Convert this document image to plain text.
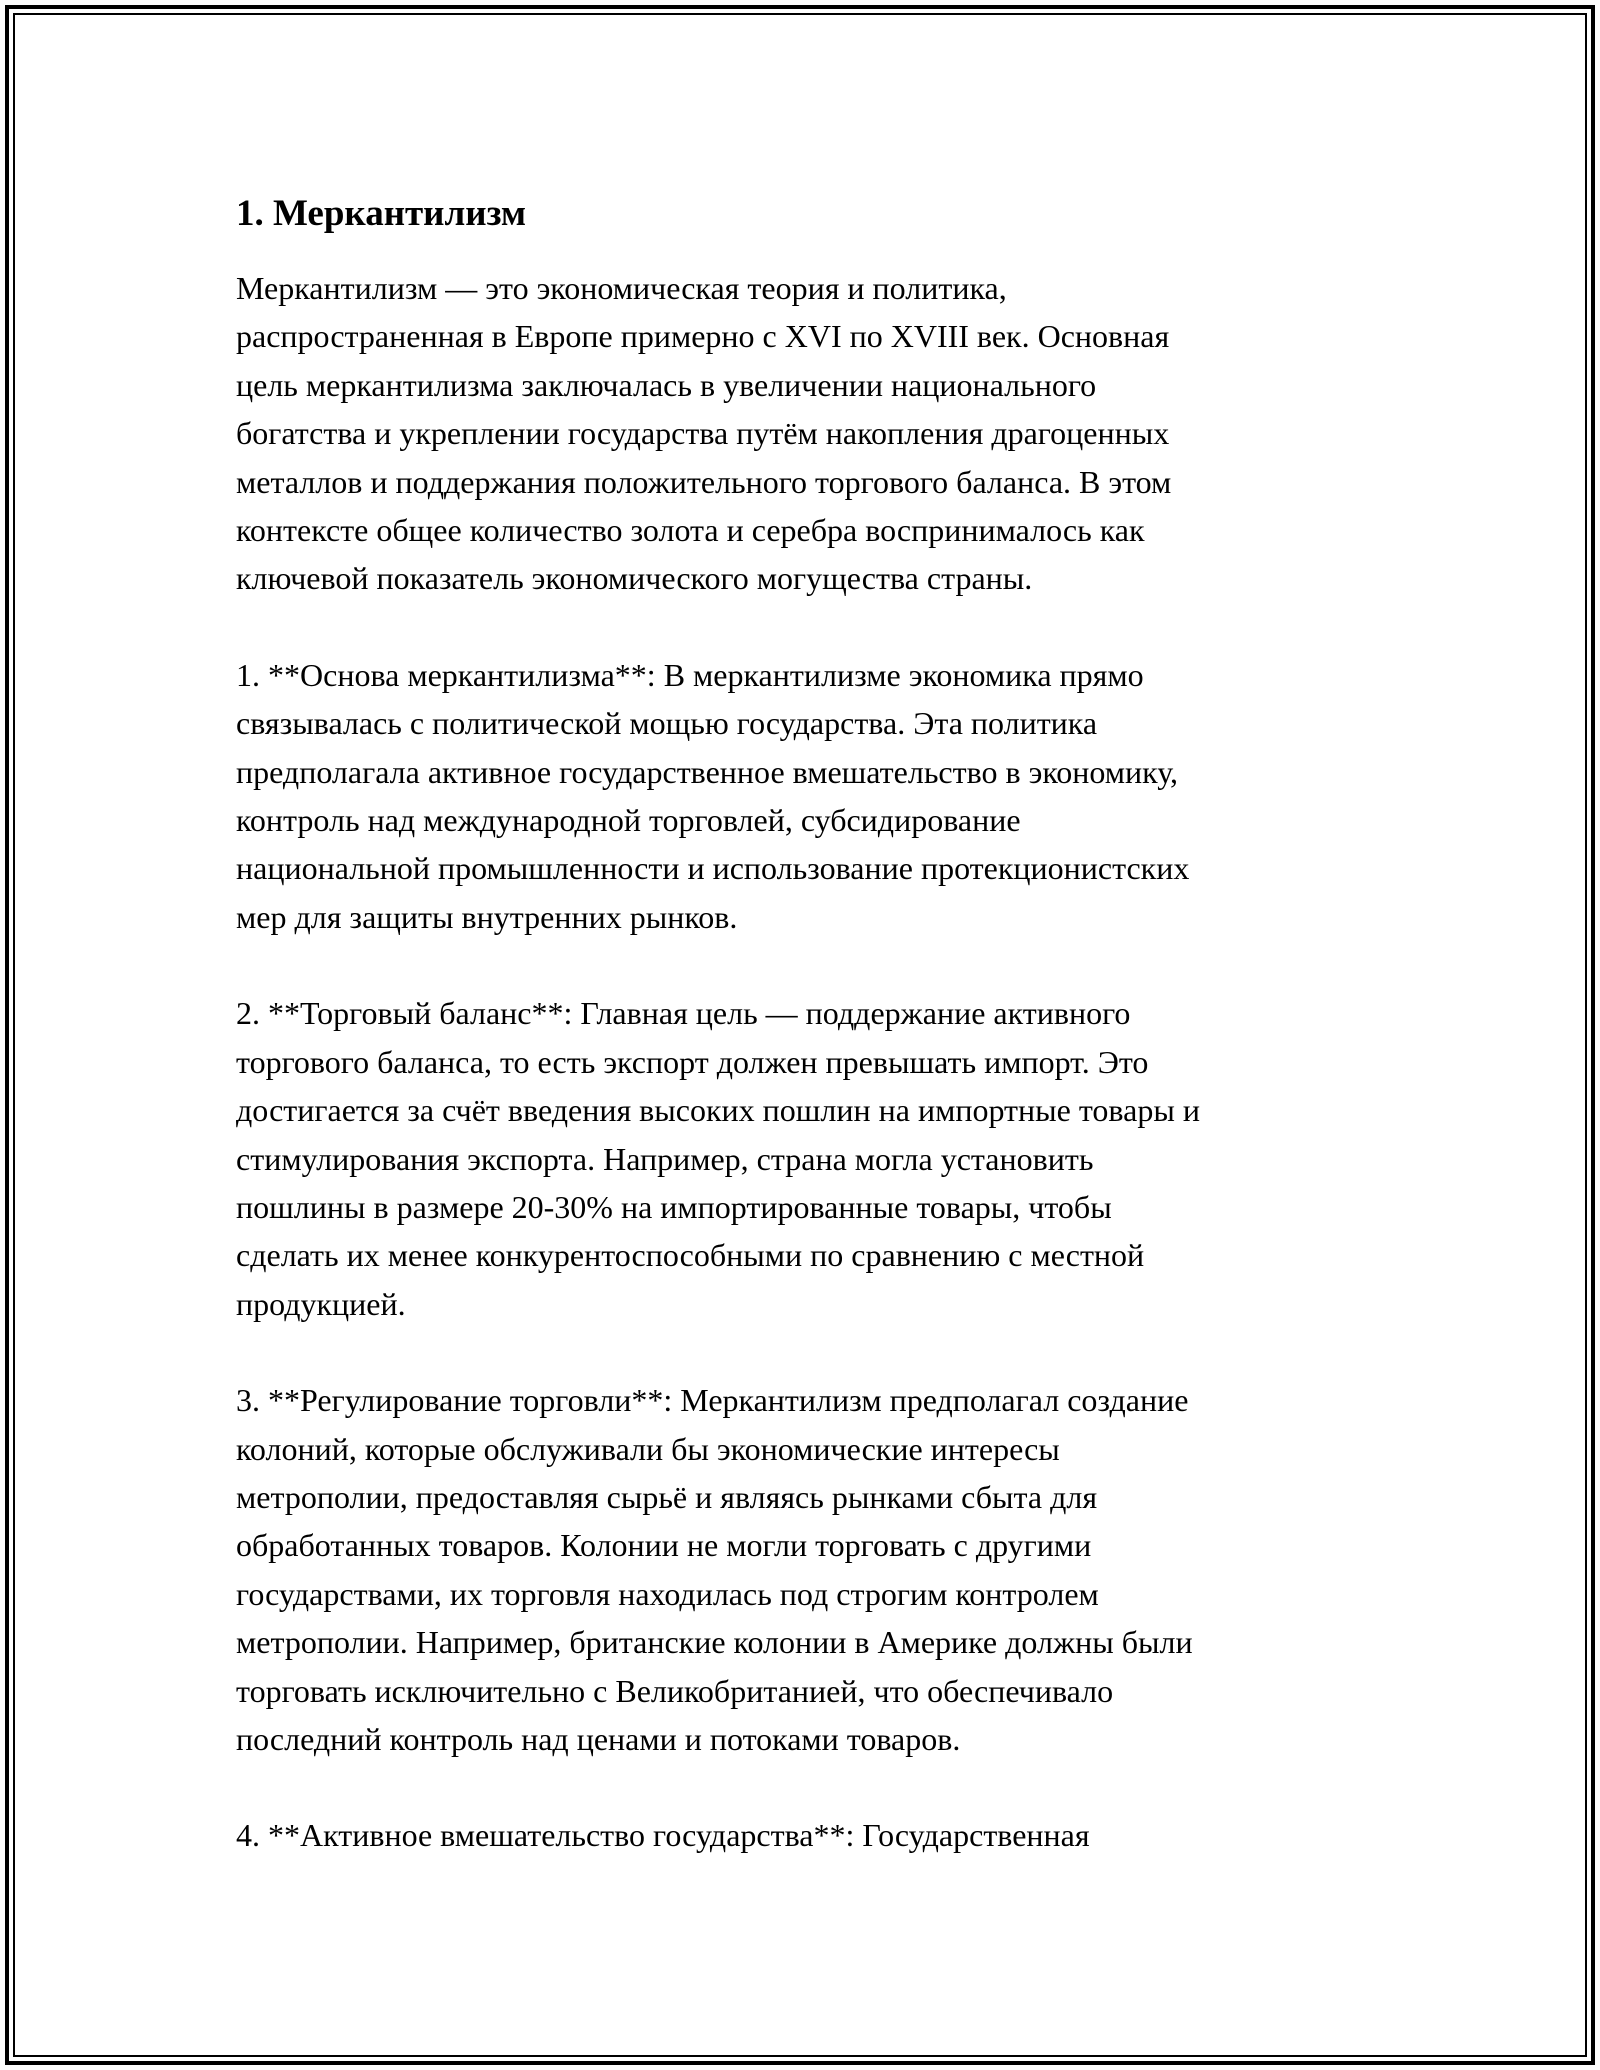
1. Меркантилизм

Меркантилизм — это экономическая теория и политика,
распространенная в Европе примерно с XVI по XVIII век. Основная
цель меркантилизма заключалась в увеличении национального
богатства и укреплении государства путём накопления драгоценных
металлов и поддержания положительного торгового баланса. В этом
контексте общее количество золота и серебра воспринималось как
ключевой показатель экономического могущества страны.

1. **Основа меркантилизма**: В меркантилизме экономика прямо
связывалась с политической мощью государства. Эта политика
предполагала активное государственное вмешательство в экономику,
контроль над международной торговлей, субсидирование
национальной промышленности и использование протекционистских
мер для защиты внутренних рынков.

2. **Торговый баланс**: Главная цель — поддержание активного
торгового баланса, то есть экспорт должен превышать импорт. Это
достигается за счёт введения высоких пошлин на импортные товары и
стимулирования экспорта. Например, страна могла установить
пошлины в размере 20-30% на импортированные товары, чтобы
сделать их менее конкурентоспособными по сравнению с местной
продукцией.

3. **Регулирование торговли**: Меркантилизм предполагал создание
колоний, которые обслуживали бы экономические интересы
метрополии, предоставляя сырьё и являясь рынками сбыта для
обработанных товаров. Колонии не могли торговать с другими
государствами, их торговля находилась под строгим контролем
метрополии. Например, британские колонии в Америке должны были
торговать исключительно с Великобританией, что обеспечивало
последний контроль над ценами и потоками товаров.

4. **Активное вмешательство государства**: Государственная
